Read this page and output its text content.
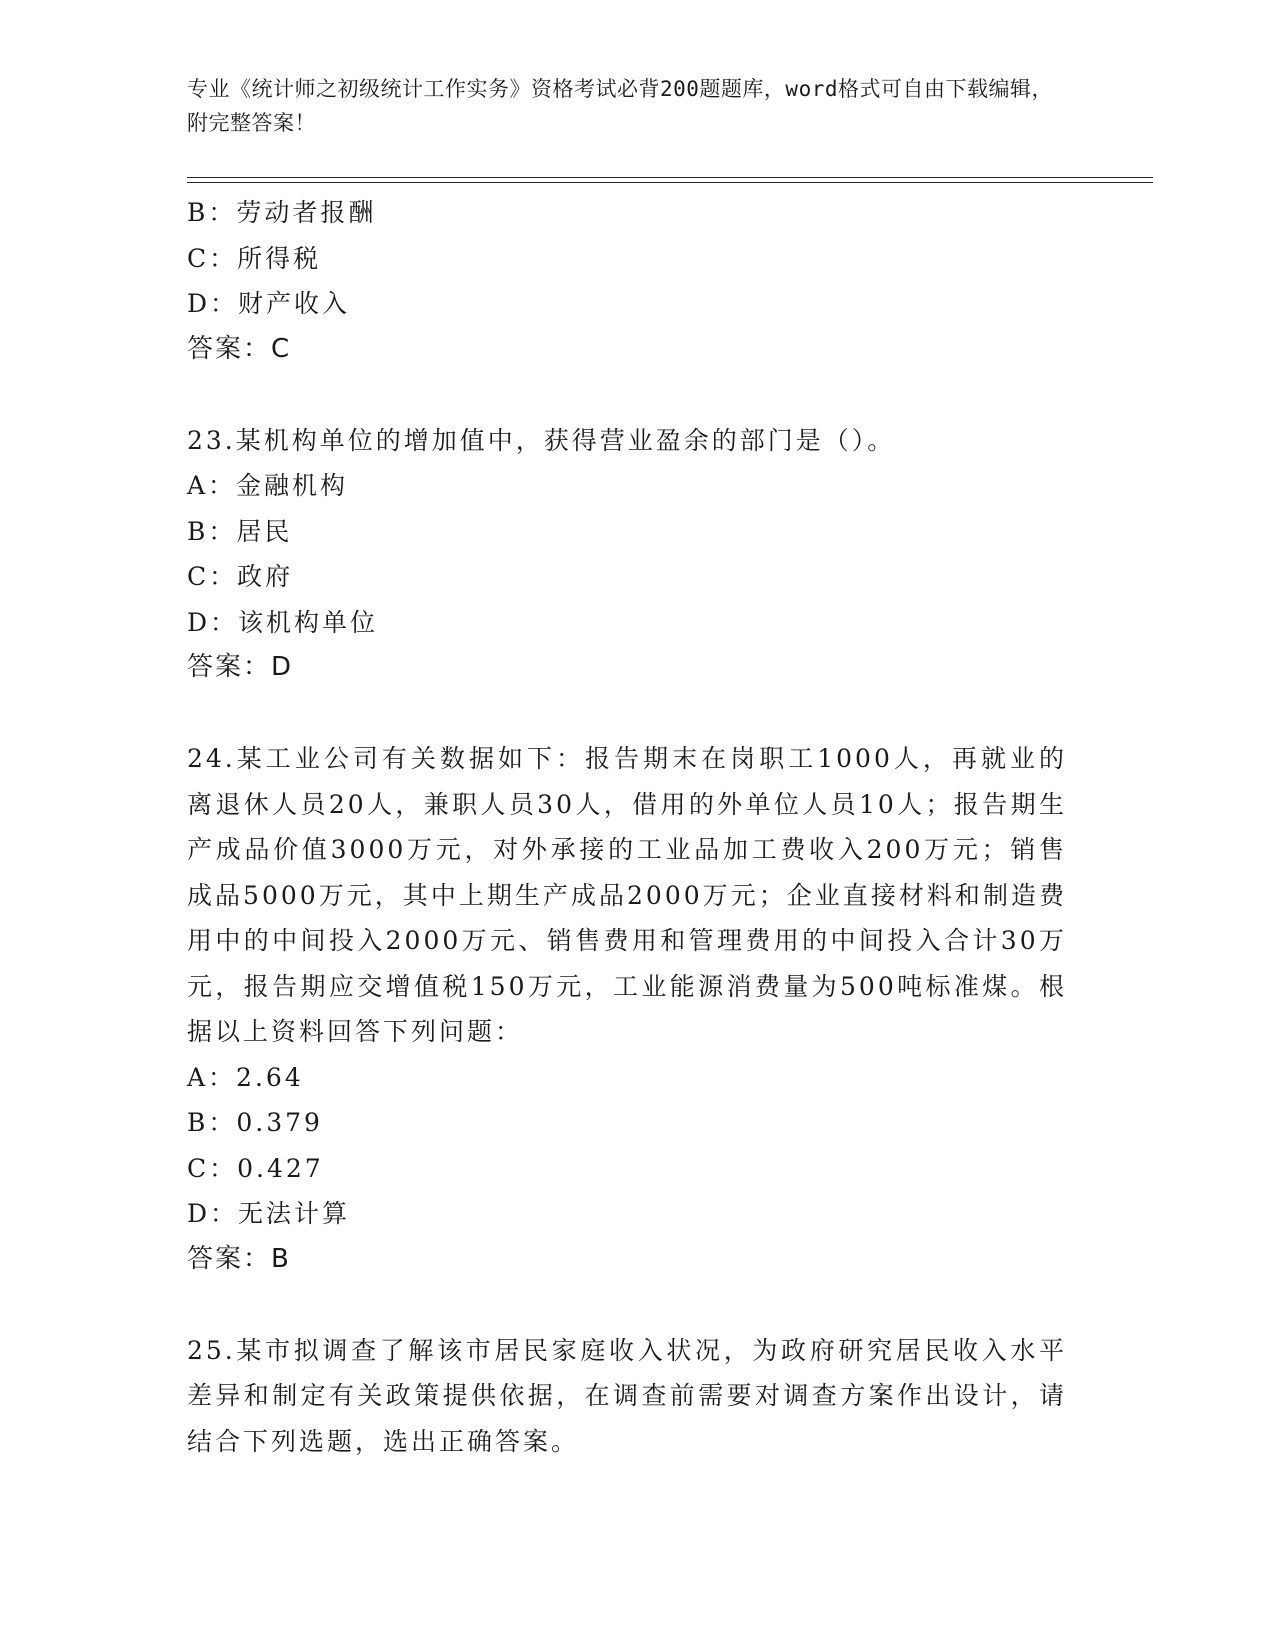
专业《统计师之初级统计工作实务》资格考试必背200题题库，word格式可自由下载编辑，附完整答案！
B：劳动者报酬
C：所得税
D：财产收入
答案：C
23.某机构单位的增加值中，获得营业盈余的部门是（）。
A：金融机构
B：居民
C：政府
D：该机构单位
答案：D
24.某工业公司有关数据如下：报告期末在岗职工1000人，再就业的离退休人员20人，兼职人员30人，借用的外单位人员10人；报告期生产成品价值3000万元，对外承接的工业品加工费收入200万元；销售成品5000万元，其中上期生产成品2000万元；企业直接材料和制造费用中的中间投入2000万元、销售费用和管理费用的中间投入合计30万元，报告期应交增值税150万元，工业能源消费量为500吨标准煤。根据以上资料回答下列问题：
A：2.64
B：0.379
C：0.427
D：无法计算
答案：B
25.某市拟调查了解该市居民家庭收入状况，为政府研究居民收入水平差异和制定有关政策提供依据，在调查前需要对调查方案作出设计，请结合下列选题，选出正确答案。
